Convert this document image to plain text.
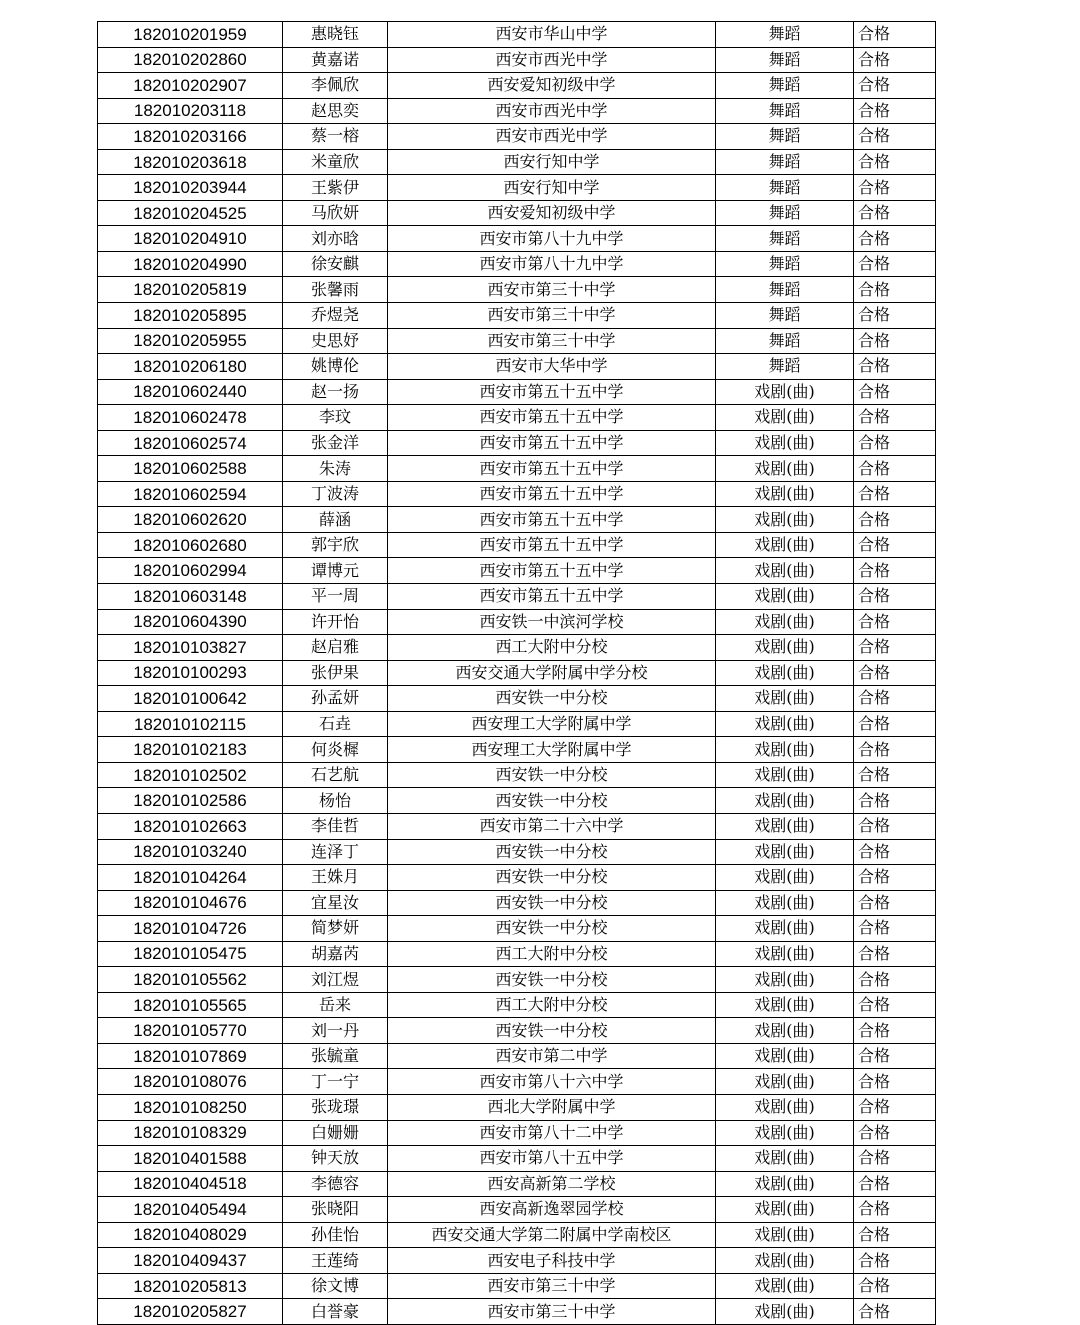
182010201959	惠晓钰	西安市华山中学	舞蹈	合格
182010202860	黄嘉诺	西安市西光中学	舞蹈	合格
182010202907	李佩欣	西安爱知初级中学	舞蹈	合格
182010203118	赵思奕	西安市西光中学	舞蹈	合格
182010203166	蔡一榕	西安市西光中学	舞蹈	合格
182010203618	米童欣	西安行知中学	舞蹈	合格
182010203944	王紫伊	西安行知中学	舞蹈	合格
182010204525	马欣妍	西安爱知初级中学	舞蹈	合格
182010204910	刘亦晗	西安市第八十九中学	舞蹈	合格
182010204990	徐安麒	西安市第八十九中学	舞蹈	合格
182010205819	张馨雨	西安市第三十中学	舞蹈	合格
182010205895	乔煜尧	西安市第三十中学	舞蹈	合格
182010205955	史思妤	西安市第三十中学	舞蹈	合格
182010206180	姚博伦	西安市大华中学	舞蹈	合格
182010602440	赵一扬	西安市第五十五中学	戏剧(曲)	合格
182010602478	李玟	西安市第五十五中学	戏剧(曲)	合格
182010602574	张金洋	西安市第五十五中学	戏剧(曲)	合格
182010602588	朱涛	西安市第五十五中学	戏剧(曲)	合格
182010602594	丁波涛	西安市第五十五中学	戏剧(曲)	合格
182010602620	薛涵	西安市第五十五中学	戏剧(曲)	合格
182010602680	郭宇欣	西安市第五十五中学	戏剧(曲)	合格
182010602994	谭博元	西安市第五十五中学	戏剧(曲)	合格
182010603148	平一周	西安市第五十五中学	戏剧(曲)	合格
182010604390	许开怡	西安铁一中滨河学校	戏剧(曲)	合格
182010103827	赵启雅	西工大附中分校	戏剧(曲)	合格
182010100293	张伊果	西安交通大学附属中学分校	戏剧(曲)	合格
182010100642	孙孟妍	西安铁一中分校	戏剧(曲)	合格
182010102115	石垚	西安理工大学附属中学	戏剧(曲)	合格
182010102183	何炎樨	西安理工大学附属中学	戏剧(曲)	合格
182010102502	石艺航	西安铁一中分校	戏剧(曲)	合格
182010102586	杨怡	西安铁一中分校	戏剧(曲)	合格
182010102663	李佳哲	西安市第二十六中学	戏剧(曲)	合格
182010103240	连泽丁	西安铁一中分校	戏剧(曲)	合格
182010104264	王姝月	西安铁一中分校	戏剧(曲)	合格
182010104676	宜星汝	西安铁一中分校	戏剧(曲)	合格
182010104726	简梦妍	西安铁一中分校	戏剧(曲)	合格
182010105475	胡嘉芮	西工大附中分校	戏剧(曲)	合格
182010105562	刘江煜	西安铁一中分校	戏剧(曲)	合格
182010105565	岳来	西工大附中分校	戏剧(曲)	合格
182010105770	刘一丹	西安铁一中分校	戏剧(曲)	合格
182010107869	张毓童	西安市第二中学	戏剧(曲)	合格
182010108076	丁一宁	西安市第八十六中学	戏剧(曲)	合格
182010108250	张珑璟	西北大学附属中学	戏剧(曲)	合格
182010108329	白姗姗	西安市第八十二中学	戏剧(曲)	合格
182010401588	钟天放	西安市第八十五中学	戏剧(曲)	合格
182010404518	李德容	西安高新第二学校	戏剧(曲)	合格
182010405494	张晓阳	西安高新逸翠园学校	戏剧(曲)	合格
182010408029	孙佳怡	西安交通大学第二附属中学南校区	戏剧(曲)	合格
182010409437	王莲绮	西安电子科技中学	戏剧(曲)	合格
182010205813	徐文博	西安市第三十中学	戏剧(曲)	合格
182010205827	白誉豪	西安市第三十中学	戏剧(曲)	合格
